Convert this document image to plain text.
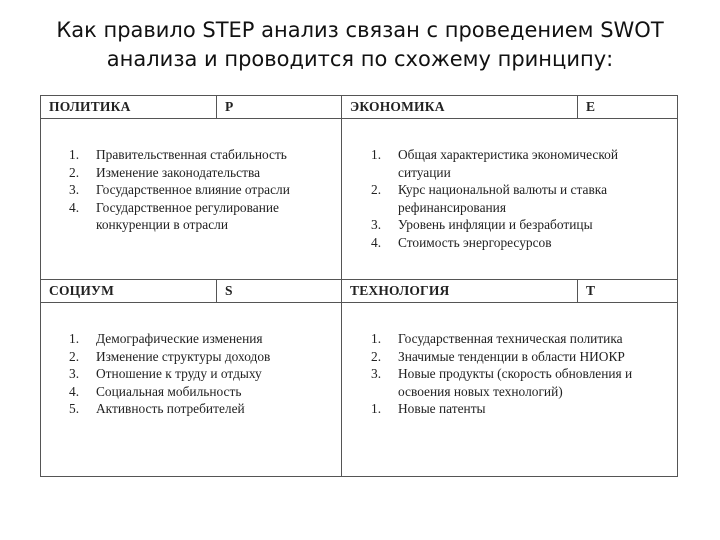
Как правило STEP анализ связан с проведением SWOT
анализа и проводится по схожему принципу:
ПОЛИТИКА	P
1.	Правительственная стабильность
2.	Изменение законодательства
3.	Государственное влияние отрасли
4.	Государственное регулирование конкуренции в отрасли
ЭКОНОМИКА	E
1.	Общая характеристика экономической ситуации
2.	Курс национальной валюты и ставка рефинансирования
3.	Уровень инфляции и безработицы
4.	Стоимость энергоресурсов
СОЦИУМ	S
1.	Демографические изменения
2.	Изменение структуры доходов
3.	Отношение к труду и отдыху
4.	Социальная мобильность
5.	Активность потребителей
ТЕХНОЛОГИЯ	T
1.	Государственная техническая политика
2.	Значимые тенденции в области НИОКР
3.	Новые продукты (скорость обновления и освоения новых технологий)
1.	Новые патенты
